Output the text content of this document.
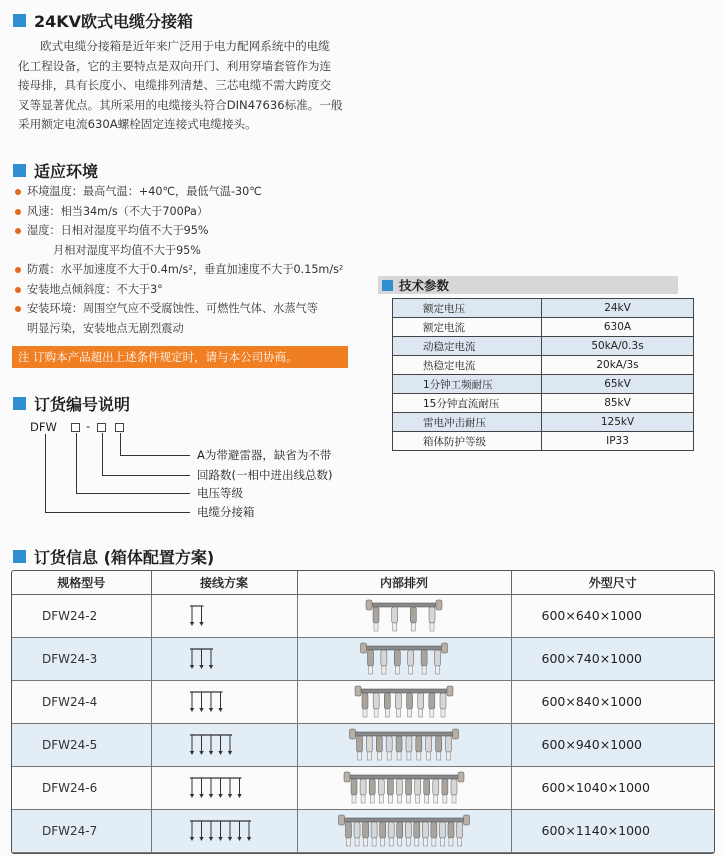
24KV欧式电缆分接箱
欧式电缆分接箱是近年来广泛用于电力配网系统中的电缆
化工程设备，它的主要特点是双向开门、利用穿墙套管作为连
接母排，具有长度小、电缆排列清楚、三芯电缆不需大跨度交
叉等显著优点。其所采用的电缆接头符合DIN47636标准。一般
采用额定电流630A螺栓固定连接式电缆接头。
适应环境
环境温度：最高气温：+40℃，最低气温-30℃
风速：相当34m/s（不大于700Pa）
湿度：日相对湿度平均值不大于95%
月相对湿度平均值不大于95%
防震：水平加速度不大于0.4m/s²，垂直加速度不大于0.15m/s²
安装地点倾斜度：不大于3°
安装环境：周围空气应不受腐蚀性、可燃性气体、水蒸气等
明显污染，安装地点无剧烈震动
注 订购本产品超出上述条件规定时，请与本公司协商。
技术参数
额定电压	24kV
额定电流	630A
动稳定电流	50kA/0.3s
热稳定电流	20kA/3s
1分钟工频耐压	65kV
15分钟直流耐压	85kV
雷电冲击耐压	125kV
箱体防护等级	IP33
订货编号说明
DFW	-
A为带避雷器，缺省为不带
回路数(一相中进出线总数)
电压等级
电缆分接箱
订货信息 (箱体配置方案)
规格型号	接线方案	内部排列	外型尺寸
DFW24-2			600×640×1000
DFW24-3			600×740×1000
DFW24-4			600×840×1000
DFW24-5			600×940×1000
DFW24-6			600×1040×1000
DFW24-7			600×1140×1000
